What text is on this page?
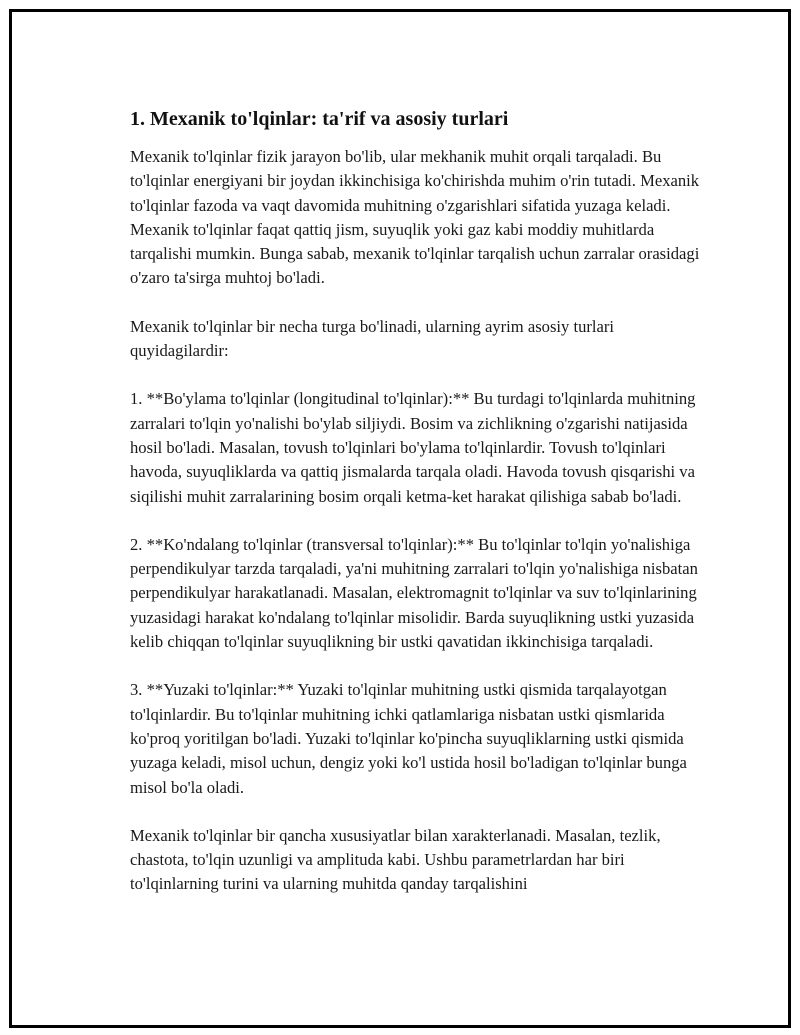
1. Mexanik to'lqinlar: ta'rif va asosiy turlari

Mexanik to'lqinlar fizik jarayon bo'lib, ular mekhanik muhit orqali tarqaladi. Bu to'lqinlar energiyani bir joydan ikkinchisiga ko'chirishda muhim o'rin tutadi. Mexanik to'lqinlar fazoda va vaqt davomida muhitning o'zgarishlari sifatida yuzaga keladi. Mexanik to'lqinlar faqat qattiq jism, suyuqlik yoki gaz kabi moddiy muhitlarda tarqalishi mumkin. Bunga sabab, mexanik to'lqinlar tarqalish uchun zarralar orasidagi o'zaro ta'sirga muhtoj bo'ladi.

Mexanik to'lqinlar bir necha turga bo'linadi, ularning ayrim asosiy turlari quyidagilardir:

1. **Bo'ylama to'lqinlar (longitudinal to'lqinlar):** Bu turdagi to'lqinlarda muhitning zarralari to'lqin yo'nalishi bo'ylab siljiydi. Bosim va zichlikning o'zgarishi natijasida hosil bo'ladi. Masalan, tovush to'lqinlari bo'ylama to'lqinlardir. Tovush to'lqinlari havoda, suyuqliklarda va qattiq jismalarda tarqala oladi. Havoda tovush qisqarishi va siqilishi muhit zarralarining bosim orqali ketma-ket harakat qilishiga sabab bo'ladi.

2. **Ko'ndalang to'lqinlar (transversal to'lqinlar):** Bu to'lqinlar to'lqin yo'nalishiga perpendikulyar tarzda tarqaladi, ya'ni muhitning zarralari to'lqin yo'nalishiga nisbatan perpendikulyar harakatlanadi. Masalan, elektromagnit to'lqinlar va suv to'lqinlarining yuzasidagi harakat ko'ndalang to'lqinlar misolidir. Barda suyuqlikning ustki yuzasida kelib chiqqan to'lqinlar suyuqlikning bir ustki qavatidan ikkinchisiga tarqaladi.

3. **Yuzaki to'lqinlar:** Yuzaki to'lqinlar muhitning ustki qismida tarqalayotgan to'lqinlardir. Bu to'lqinlar muhitning ichki qatlamlariga nisbatan ustki qismlarida ko'proq yoritilgan bo'ladi. Yuzaki to'lqinlar ko'pincha suyuqliklarning ustki qismida yuzaga keladi, misol uchun, dengiz yoki ko'l ustida hosil bo'ladigan to'lqinlar bunga misol bo'la oladi.

Mexanik to'lqinlar bir qancha xususiyatlar bilan xarakterlanadi. Masalan, tezlik, chastota, to'lqin uzunligi va amplituda kabi. Ushbu parametrlardan har biri to'lqinlarning turini va ularning muhitda qanday tarqalishini
